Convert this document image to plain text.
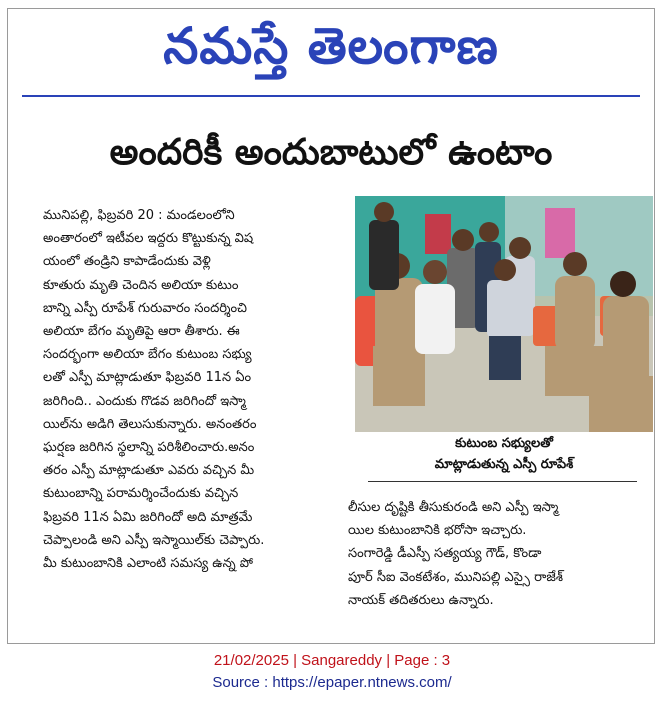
నమస్తే తెలంగాణ
అందరికీ అందుబాటులో ఉంటాం
మునిపల్లి, ఫిబ్రవరి 20 : మండలంలోని
అంతారంలో ఇటీవల ఇద్దరు కొట్టుకున్న విష
యంలో తండ్రిని కాపాడేందుకు వెళ్లి
కూతురు మృతి చెందిన అలియా కుటుం
బాన్ని ఎస్పీ రూపేశ్ గురువారం సందర్శించి
అలియా బేగం మృతిపై ఆరా తీశారు. ఈ
సందర్భంగా అలియా బేగం కుటుంబ సభ్యు
లతో ఎస్పీ మాట్లాడుతూ ఫిబ్రవరి 11న ఏం
జరిగింది.. ఎందుకు గొడవ జరిగిందో ఇస్మా
యిల్‌ను అడిగి తెలుసుకున్నారు. అనంతరం
ఘర్షణ జరిగిన స్థలాన్ని పరిశీలించారు.అనం
తరం ఎస్పీ మాట్లాడుతూ ఎవరు వచ్చిన మీ
కుటుంబాన్ని పరామర్శించేందుకు వచ్చిన
ఫిబ్రవరి 11న ఏమి జరిగిందో అది మాత్రమే
చెప్పాలండి అని ఎస్పీ ఇస్మాయిల్‌కు చెప్పారు.
మీ కుటుంబానికి ఎలాంటి సమస్య ఉన్న పో
కుటుంబ సభ్యులతో
మాట్లాడుతున్న ఎస్పీ రూపేశ్
లీసుల దృష్టికి తీసుకురండి అని ఎస్పీ ఇస్మా
యిల కుటుంబానికి భరోసా ఇచ్చారు.
సంగారెడ్డి డీఎస్పీ సత్యయ్య గౌడ్, కొండా
పూర్ సీఐ వెంకటేశం, మునిపల్లి ఎస్సై రాజేశ్
నాయక్ తదితరులు ఉన్నారు.
21/02/2025 | Sangareddy | Page : 3
Source : https://epaper.ntnews.com/
